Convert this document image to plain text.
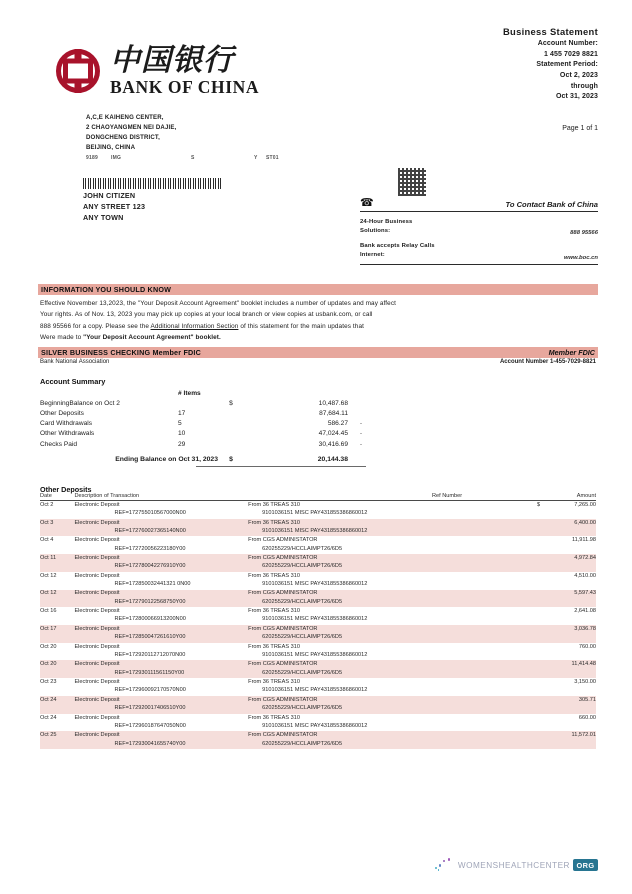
中国银行
BANK OF CHINA
A,C,E KAIHENG CENTER,
2 CHAOYANGMEN NEI DAJIE,
DONGCHENG DISTRICT,
BEIJING, CHINA
9189	IMG	S	Y ST01
Business Statement
Account Number:
1 455 7029 8821
Statement Period:
Oct 2, 2023
through
Oct 31, 2023
Page 1 of 1
JOHN CITIZEN
ANY STREET 123
ANY TOWN
☎	To Contact Bank of China
24-Hour Business
Solutions:	888 95566
Bank accepts Relay Calls
Internet:	www.boc.cn
INFORMATION YOU SHOULD KNOW
Effective November 13,2023, the "Your Deposit Account Agreement" booklet includes a number of updates and may affect
Your rights. As of Nov. 13, 2023 you may pick up copies at your local branch or view copies at usbank.com, or call
888 95566 for a copy. Please see the Additional Information Section of this statement for the main updates that
Were made to "Your Deposit Account Agreement" booklet.
SILVER BUSINESS CHECKING Member FDIC	Member FDIC
Bank National Association	Account Number 1-455-7029-8821
Account Summary
	# Items			
BeginningBalance on Oct 2		$	10,487.68	
Other Deposits	17		87,684.11	
Card Withdrawals	5		586.27	-
Other Withdrawals	10		47,024.45	-
Checks Paid	29		30,416.69	-
Ending Balance on Oct 31, 2023		$	20,144.38	
Other Deposits
Date	Description of Transaction		Ref Number		Amount
Oct 2	Electronic Deposit	From 36 TREAS 310		$	7,265.00
	REF=172755010567000N00	9101036151 MISC PAY431855386860012			
Oct 3	Electronic Deposit	From 36 TREAS 310			6,400.00
	REF=172760027365140N00	9101036151 MISC PAY431855386860012			
Oct 4	Electronic Deposit	From CGS ADMINISTATOR			11,911.98
	REF=172720056223180Y00	620255229/HCCLAIMPT26/6D5			
Oct 11	Electronic Deposit	From CGS ADMINISTATOR			4,972.84
	REF=172780042276910Y00	620255229/HCCLAIMPT26/6D5			
Oct 12	Electronic Deposit	From 36 TREAS 310			4,510.00
	REF=172850032441321 0N00	9101036151 MISC PAY431855386860012			
Oct 12	Electronic Deposit	From CGS ADMINISTATOR			5,597.43
	REF=172790122568750Y00	620255229/HCCLAIMPT26/6D5			
Oct 16	Electronic Deposit	From 36 TREAS 310			2,641.08
	REF=172800066913200N00	9101036151 MISC PAY431855386860012			
Oct 17	Electronic Deposit	From CGS ADMINISTATOR			3,036.78
	REF=172850047261610Y00	620255229/HCCLAIMPT26/6D5			
Oct 20	Electronic Deposit	From 36 TREAS 310			760.00
	REF=172920112712070N00	9101036151 MISC PAY431855386860012			
Oct 20	Electronic Deposit	From CGS ADMINISTATOR			11,414.48
	REF=172930111561150Y00	620255229/HCCLAIMPT26/6D5			
Oct 23	Electronic Deposit	From 36 TREAS 310			3,150.00
	REF=172960092170570N00	9101036151 MISC PAY431855386860012			
Oct 24	Electronic Deposit	From CGS ADMINISTATOR			305.71
	REF=172920017406510Y00	620255229/HCCLAIMPT26/6D5			
Oct 24	Electronic Deposit	From 36 TREAS 310			660.00
	REF=172960187647050N00	9101036151 MISC PAY431855386860012			
Oct 25	Electronic Deposit	From CGS ADMINISTATOR			11,572.01
	REF=172930041655740Y00	620255229/HCCLAIMPT26/6D5			
WOMENSHEALTHCENTER ORG
